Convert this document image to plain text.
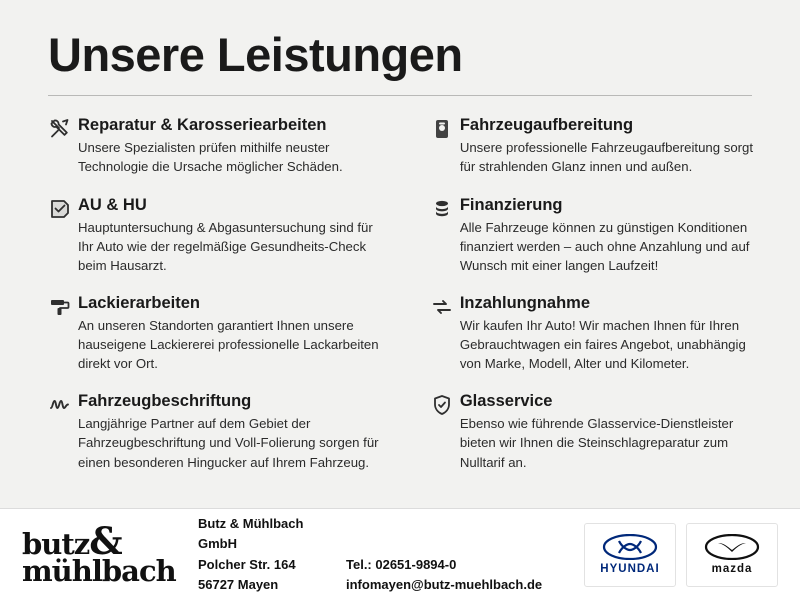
Unsere Leistungen
Reparatur & Karosseriearbeiten
Unsere Spezialisten prüfen mithilfe neuster Technologie die Ursache möglicher Schäden.
AU & HU
Hauptuntersuchung & Abgasuntersuchung sind für Ihr Auto wie der regelmäßige Gesundheits-Check beim Hausarzt.
Lackierarbeiten
An unseren Standorten garantiert Ihnen unsere hauseigene Lackiererei professionelle Lackarbeiten direkt vor Ort.
Fahrzeugbeschriftung
Langjährige Partner auf dem Gebiet der Fahrzeugbeschriftung und Voll-Folierung sorgen für einen besonderen Hingucker auf Ihrem Fahrzeug.
Fahrzeugaufbereitung
Unsere professionelle Fahrzeugaufbereitung sorgt für strahlenden Glanz innen und außen.
Finanzierung
Alle Fahrzeuge können zu günstigen Konditionen finanziert werden – auch ohne Anzahlung und auf Wunsch mit einer langen Laufzeit!
Inzahlungnahme
Wir kaufen Ihr Auto! Wir machen Ihnen für Ihren Gebrauchtwagen ein faires Angebot, unabhängig von Marke, Modell, Alter und Kilometer.
Glasservice
Ebenso wie führende Glasservice-Dienstleister bieten wir Ihnen die Steinschlagreparatur zum Nulltarif an.
butz&
mühlbach
Butz & Mühlbach GmbH
Polcher Str. 164	Tel.: 02651-9894-0
56727 Mayen	infomayen@butz-muehlbach.de
HYUNDAI	mazda
